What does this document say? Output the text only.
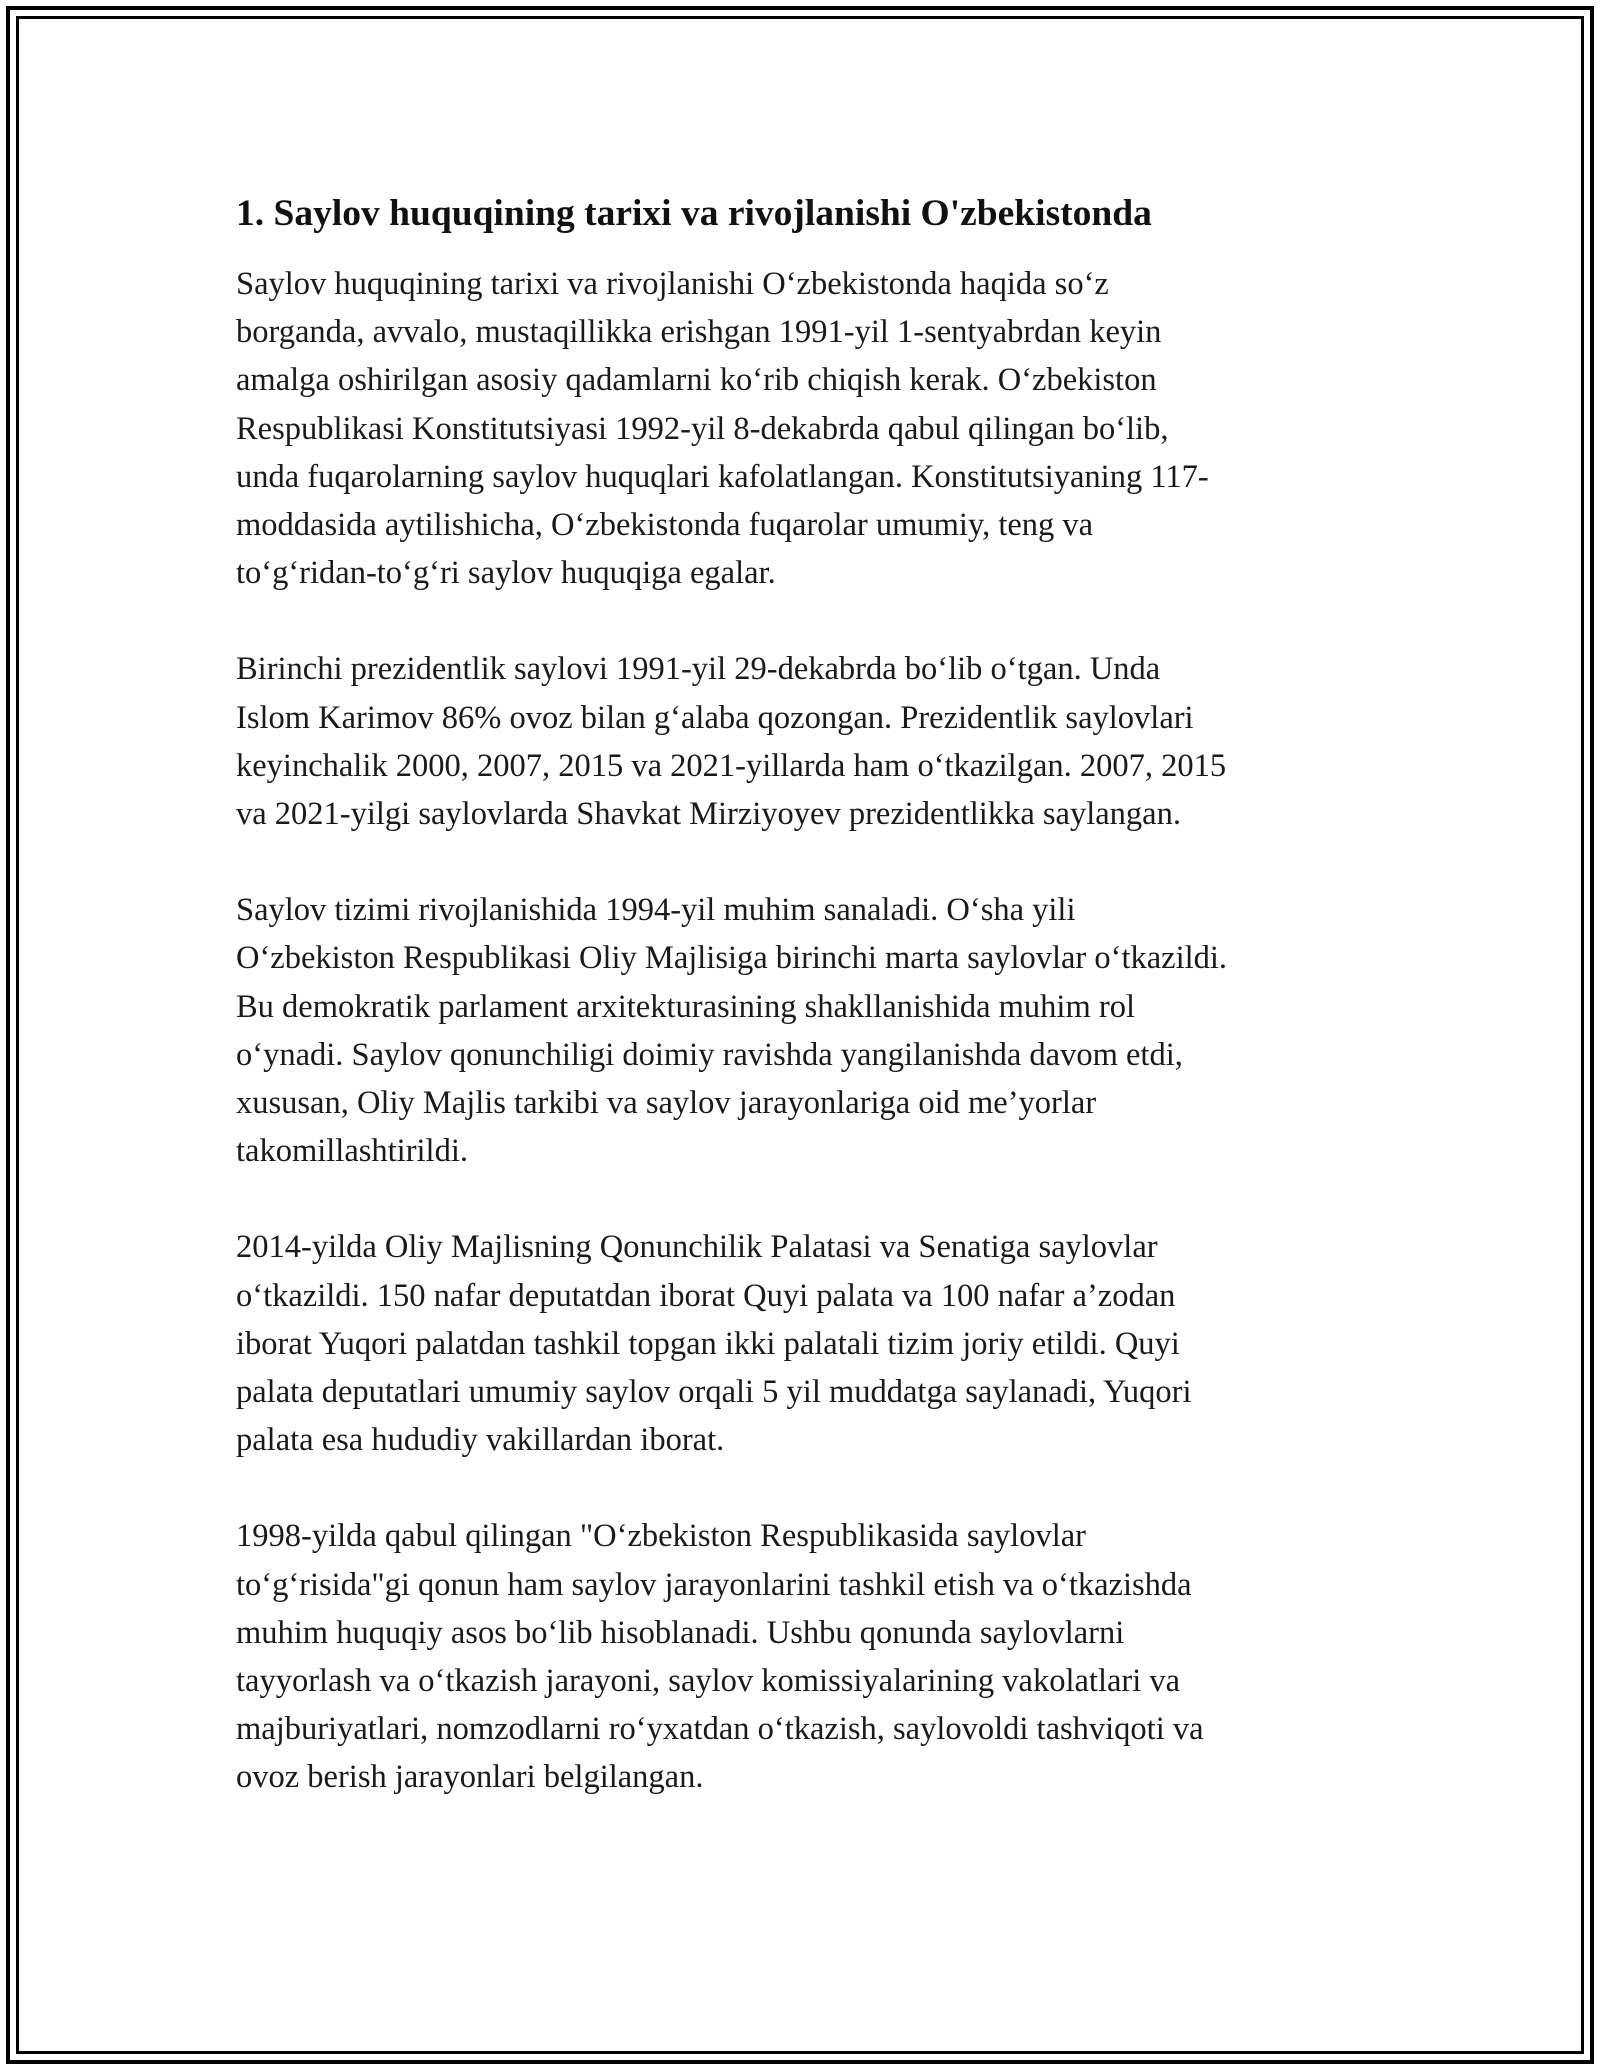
1. Saylov huquqining tarixi va rivojlanishi O'zbekistonda

Saylov huquqining tarixi va rivojlanishi O‘zbekistonda haqida so‘z
borganda, avvalo, mustaqillikka erishgan 1991-yil 1-sentyabrdan keyin
amalga oshirilgan asosiy qadamlarni ko‘rib chiqish kerak. O‘zbekiston
Respublikasi Konstitutsiyasi 1992-yil 8-dekabrda qabul qilingan bo‘lib,
unda fuqarolarning saylov huquqlari kafolatlangan. Konstitutsiyaning 117-
moddasida aytilishicha, O‘zbekistonda fuqarolar umumiy, teng va
to‘g‘ridan-to‘g‘ri saylov huquqiga egalar.

Birinchi prezidentlik saylovi 1991-yil 29-dekabrda bo‘lib o‘tgan. Unda
Islom Karimov 86% ovoz bilan g‘alaba qozongan. Prezidentlik saylovlari
keyinchalik 2000, 2007, 2015 va 2021-yillarda ham o‘tkazilgan. 2007, 2015
va 2021-yilgi saylovlarda Shavkat Mirziyoyev prezidentlikka saylangan.

Saylov tizimi rivojlanishida 1994-yil muhim sanaladi. O‘sha yili
O‘zbekiston Respublikasi Oliy Majlisiga birinchi marta saylovlar o‘tkazildi.
Bu demokratik parlament arxitekturasining shakllanishida muhim rol
o‘ynadi. Saylov qonunchiligi doimiy ravishda yangilanishda davom etdi,
xususan, Oliy Majlis tarkibi va saylov jarayonlariga oid me’yorlar
takomillashtirildi.

2014-yilda Oliy Majlisning Qonunchilik Palatasi va Senatiga saylovlar
o‘tkazildi. 150 nafar deputatdan iborat Quyi palata va 100 nafar a’zodan
iborat Yuqori palatdan tashkil topgan ikki palatali tizim joriy etildi. Quyi
palata deputatlari umumiy saylov orqali 5 yil muddatga saylanadi, Yuqori
palata esa hududiy vakillardan iborat.

1998-yilda qabul qilingan "O‘zbekiston Respublikasida saylovlar
to‘g‘risida"gi qonun ham saylov jarayonlarini tashkil etish va o‘tkazishda
muhim huquqiy asos bo‘lib hisoblanadi. Ushbu qonunda saylovlarni
tayyorlash va o‘tkazish jarayoni, saylov komissiyalarining vakolatlari va
majburiyatlari, nomzodlarni ro‘yxatdan o‘tkazish, saylovoldi tashviqoti va
ovoz berish jarayonlari belgilangan.
